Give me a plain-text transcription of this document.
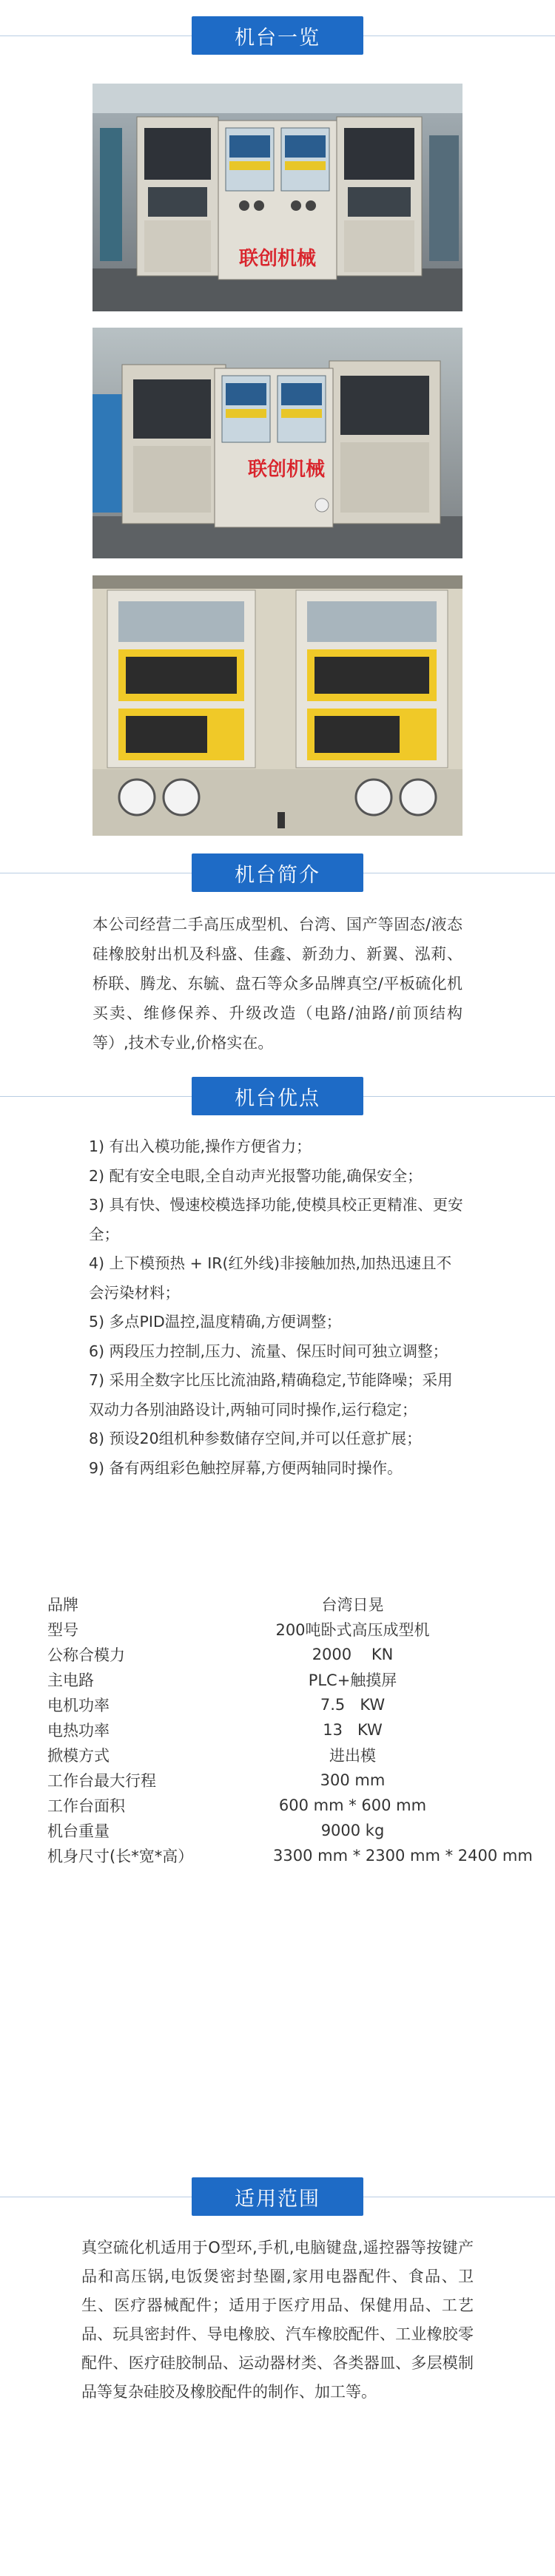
机台一览
联创机械
联创机械
机台简介
本公司经营二手高压成型机、台湾、国产等固态/液态硅橡胶射出机及科盛、佳鑫、新劲力、新翼、泓莉、桥联、腾龙、东毓、盘石等众多品牌真空/平板硫化机买卖、维修保养、升级改造（电路/油路/前顶结构等）,技术专业,价格实在。
机台优点
1) 有出入模功能,操作方便省力；
2) 配有安全电眼,全自动声光报警功能,确保安全；
3) 具有快、慢速校模选择功能,使模具校正更精准、更安全；
4) 上下模预热 + IR(红外线)非接触加热,加热迅速且不会污染材料；
5) 多点PID温控,温度精确,方便调整；
6) 两段压力控制,压力、流量、保压时间可独立调整；
7) 采用全数字比压比流油路,精确稳定,节能降噪；采用双动力各别油路设计,两轴可同时操作,运行稳定；
8) 预设20组机种参数储存空间,并可以任意扩展；
9) 备有两组彩色触控屏幕,方便两轴同时操作。
品牌	台湾日晃
型号	200吨卧式高压成型机
公称合模力	2000    KN
主电路	PLC+触摸屏
电机功率	7.5   KW
电热功率	13   KW
掀模方式	进出模
工作台最大行程	300 mm
工作台面积	600 mm * 600 mm
机台重量	9000 kg
机身尺寸(长*宽*高）	3300 mm * 2300 mm * 2400 mm
适用范围
真空硫化机适用于O型环,手机,电脑键盘,遥控器等按键产品和高压锅,电饭煲密封垫圈,家用电器配件、食品、卫生、医疗器械配件；适用于医疗用品、保健用品、工艺品、玩具密封件、导电橡胶、汽车橡胶配件、工业橡胶零配件、医疗硅胶制品、运动器材类、各类器皿、多层模制品等复杂硅胶及橡胶配件的制作、加工等。
